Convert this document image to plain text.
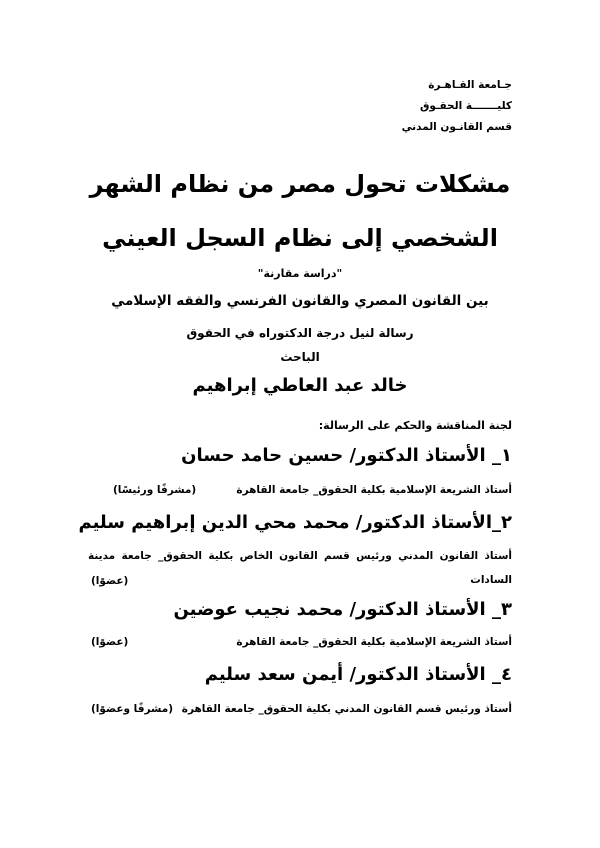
جـامعة القـاهـرة
كليـــــــة الحقـوق
قسم القانـون المدني
مشكلات تحول مصر من نظام الشهر
الشخصي إلى نظام السجل العيني
"دراسة مقارنة"
بين القانون المصري والقانون الفرنسي والفقه الإسلامي
رسالة لنيل درجة الدكتوراه في الحقوق
الباحث
خالد عبد العاطي إبراهيم
لجنة المناقشة والحكم على الرسالة:
١_ الأستاذ الدكتور/ حسين حامد حسان
أستاذ الشريعة الإسلامية بكلية الحقوق_ جامعة القاهرة
(مشرفًا ورئيسًا)
٢_الأستاذ الدكتور/ محمد محي الدين إبراهيم سليم
أستاذ القانون المدني ورئيس قسم القانون الخاص بكلية الحقوق_ جامعة مدينة السادات
(عضوًا)
٣_ الأستاذ الدكتور/ محمد نجيب عوضين
أستاذ الشريعة الإسلامية بكلية الحقوق_ جامعة القاهرة
(عضوًا)
٤_ الأستاذ الدكتور/ أيمن سعد سليم
أستاذ ورئيس قسم القانون المدني بكلية الحقوق_ جامعة القاهرة
(مشرفًا وعضوًا)
